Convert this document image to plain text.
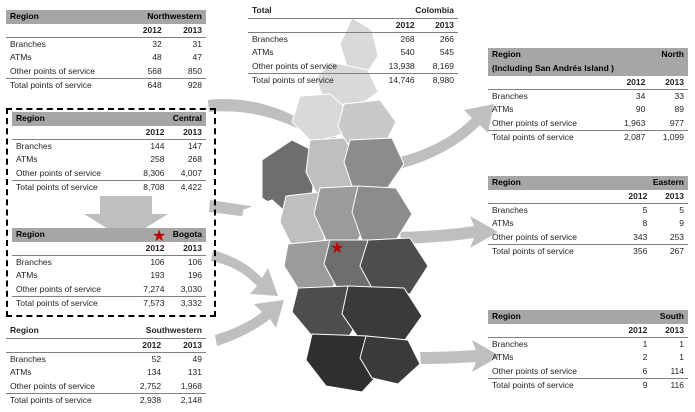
★
Region	Northwestern	
	2012	2013
Branches	32	31
ATMs	48	47
Other points of service	568	850
Total points of service	648	928
Region	Central	
	2012	2013
Branches	144	147
ATMs	258	268
Other points of service	8,306	4,007
Total points of service	8,708	4,422
Region	Bogota	
	2012	2013
Branches	106	106
ATMs	193	196
Other points of service	7,274	3,030
Total points of service	7,573	3,332
★
Region	Southwestern	
	2012	2013
Branches	52	49
ATMs	134	131
Other points of service	2,752	1,968
Total points of service	2,938	2,148
Total	Colombia	
	2012	2013
Branches	268	266
ATMs	540	545
Other points of service	13,938	8,169
Total points of service	14,746	8,980
Region	North	
(Including San Andrés Island )		
	2012	2013
Branches	34	33
ATMs	90	89
Other points of service	1,963	977
Total points of service	2,087	1,099
Region	Eastern	
	2012	2013
Branches	5	5
ATMs	8	9
Other points of service	343	253
Total points of service	356	267
Region	South	
	2012	2013
Branches	1	1
ATMs	2	1
Other points of service	6	114
Total points of service	9	116
